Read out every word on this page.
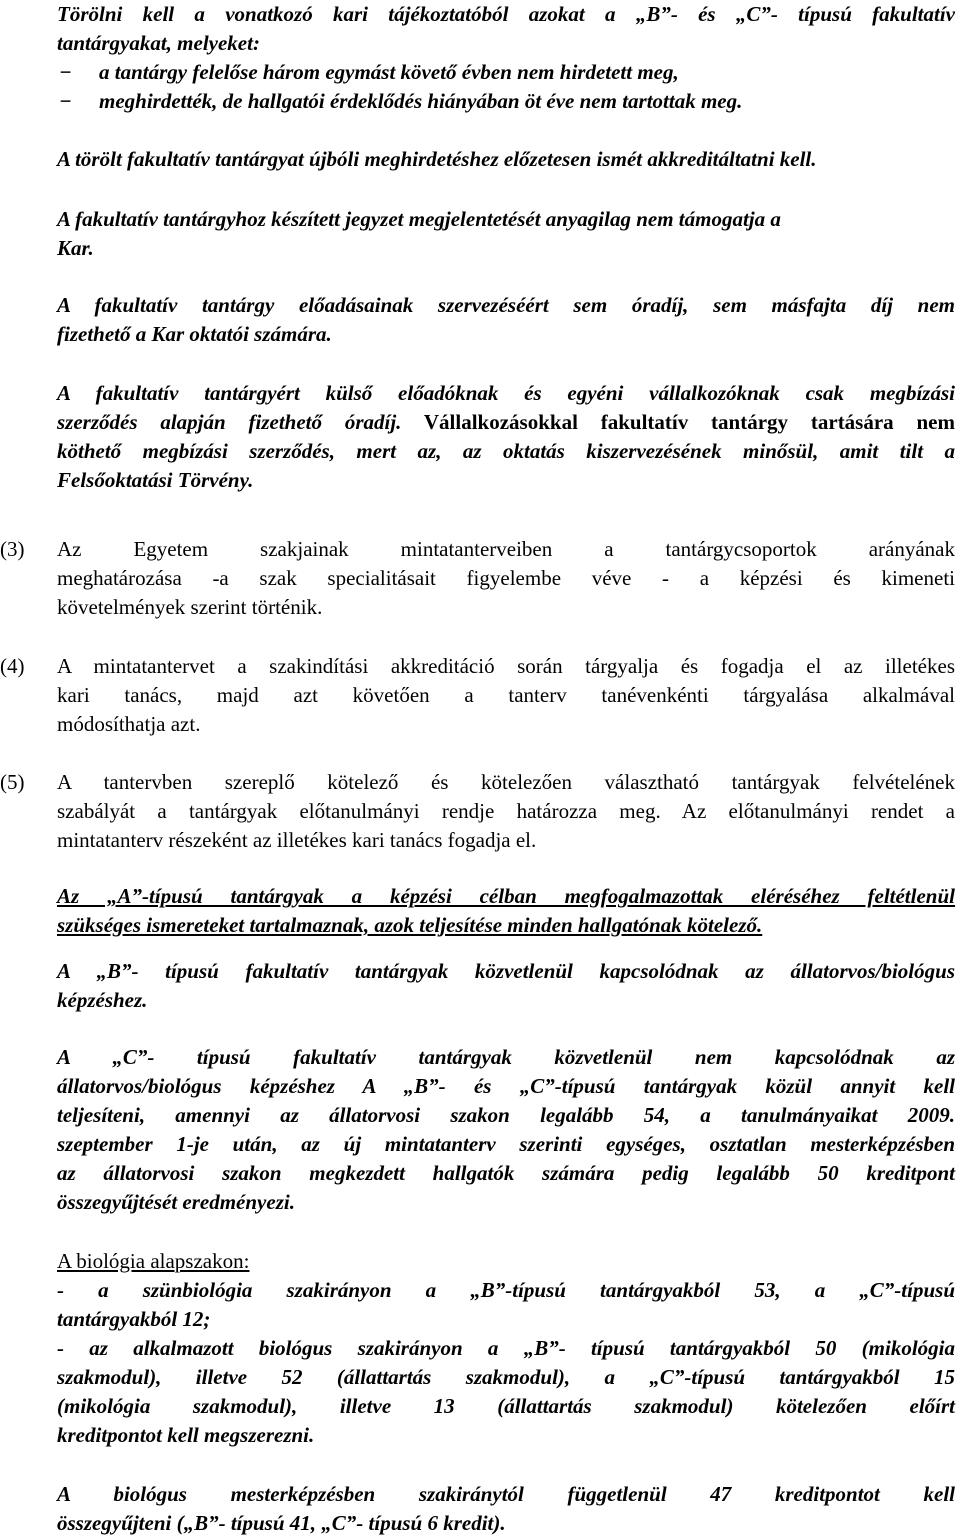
Törölni kell a vonatkozó kari tájékoztatóból azokat a „B”- és „C”- típusú fakultatív
tantárgyakat, melyeket:
− a tantárgy felelőse három egymást követő évben nem hirdetett meg,
− meghirdették, de hallgatói érdeklődés hiányában öt éve nem tartottak meg.
A törölt fakultatív tantárgyat újbóli meghirdetéshez előzetesen ismét akkreditáltatni kell.
A fakultatív tantárgyhoz készített jegyzet megjelentetését anyagilag nem támogatja a
Kar.
A fakultatív tantárgy előadásainak szervezéséért sem óradíj, sem másfajta díj nem
fizethető a Kar oktatói számára.
A fakultatív tantárgyért külső előadóknak és egyéni vállalkozóknak csak megbízási
szerződés alapján fizethető óradíj. Vállalkozásokkal fakultatív tantárgy tartására nem
köthető megbízási szerződés, mert az, az oktatás kiszervezésének minősül, amit tilt a
Felsőoktatási Törvény.
(3) Az Egyetem szakjainak mintatanterveiben a tantárgycsoportok arányának
meghatározása -a szak specialitásait figyelembe véve - a képzési és kimeneti
követelmények szerint történik.
(4) A mintatantervet a szakindítási akkreditáció során tárgyalja és fogadja el az illetékes
kari tanács, majd azt követően a tanterv tanévenkénti tárgyalása alkalmával
módosíthatja azt.
(5) A tantervben szereplő kötelező és kötelezően választható tantárgyak felvételének
szabályát a tantárgyak előtanulmányi rendje határozza meg. Az előtanulmányi rendet a
mintatanterv részeként az illetékes kari tanács fogadja el.
Az „A”-típusú tantárgyak a képzési célban megfogalmazottak eléréséhez feltétlenül
szükséges ismereteket tartalmaznak, azok teljesítése minden hallgatónak kötelező.
A „B”- típusú fakultatív tantárgyak közvetlenül kapcsolódnak az állatorvos/biológus
képzéshez.
A „C”- típusú fakultatív tantárgyak közvetlenül nem kapcsolódnak az
állatorvos/biológus képzéshez A „B”- és „C”-típusú tantárgyak közül annyit kell
teljesíteni, amennyi az állatorvosi szakon legalább 54, a tanulmányaikat 2009.
szeptember 1-je után, az új mintatanterv szerinti egységes, osztatlan mesterképzésben
az állatorvosi szakon megkezdett hallgatók számára pedig legalább 50 kreditpont
összegyűjtését eredményezi.
A biológia alapszakon:
- a szünbiológia szakirányon a „B”-típusú tantárgyakból 53, a „C”-típusú
tantárgyakból 12;
- az alkalmazott biológus szakirányon a „B”- típusú tantárgyakból 50 (mikológia
szakmodul), illetve 52 (állattartás szakmodul), a „C”-típusú tantárgyakból 15
(mikológia szakmodul), illetve 13 (állattartás szakmodul) kötelezően előírt
kreditpontot kell megszerezni.
A biológus mesterképzésben szakiránytól függetlenül 47 kreditpontot kell
összegyűjteni („B”- típusú 41, „C”- típusú 6 kredit).
